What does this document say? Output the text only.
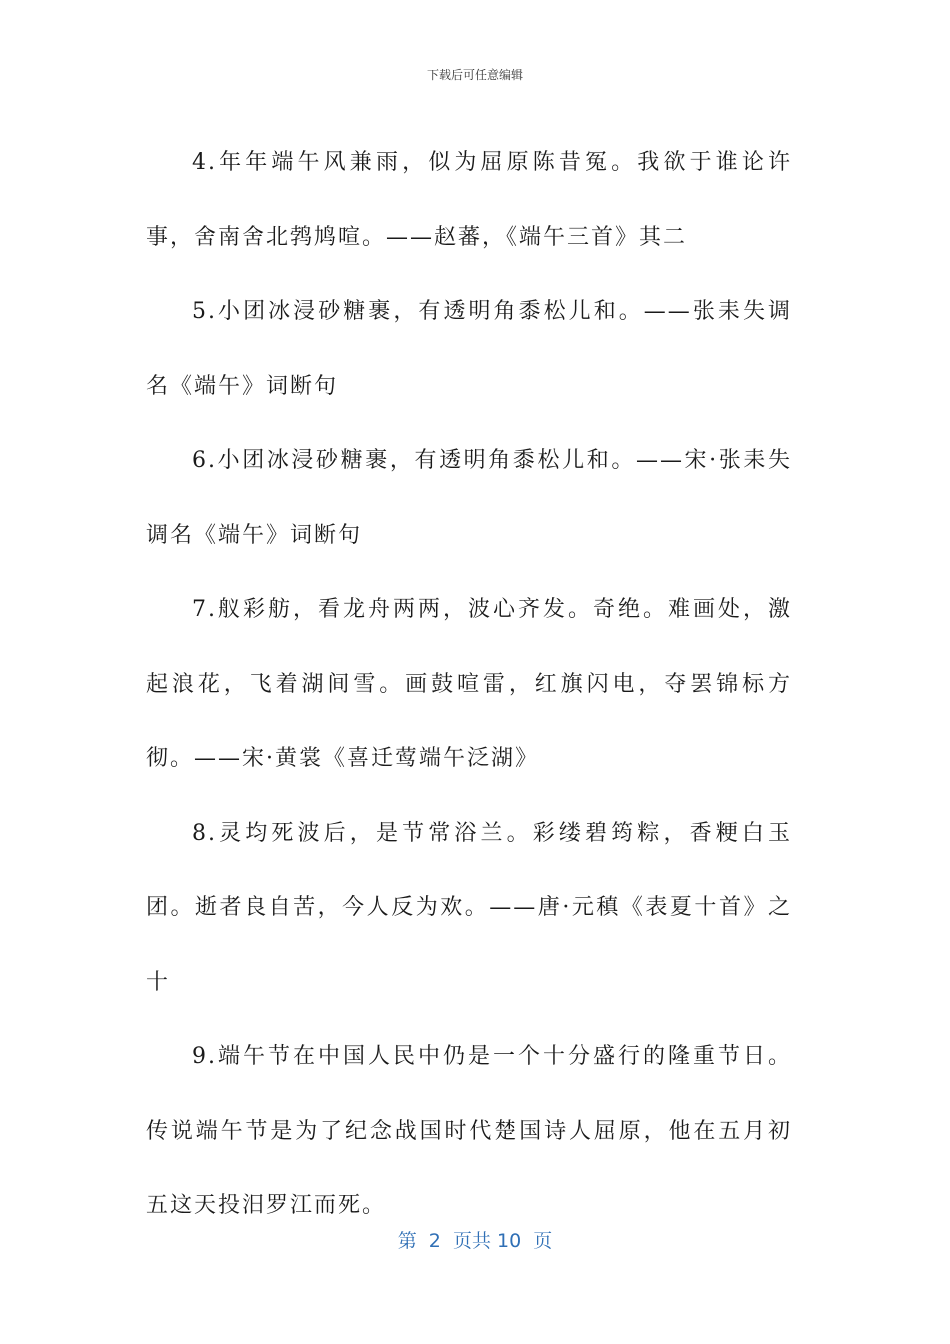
下载后可任意编辑

4.年年端午风兼雨，似为屈原陈昔冤。我欲于谁论许事，舍南舍北鹁鸠喧。——赵蕃，《端午三首》其二

5.小团冰浸砂糖裹，有透明角黍松儿和。——张耒失调名《端午》词断句

6.小团冰浸砂糖裹，有透明角黍松儿和。——宋·张耒失调名《端午》词断句

7.舣彩舫，看龙舟两两，波心齐发。奇绝。难画处，激起浪花，飞着湖间雪。画鼓喧雷，红旗闪电，夺罢锦标方彻。——宋·黄裳《喜迁莺端午泛湖》

8.灵均死波后，是节常浴兰。彩缕碧筠粽，香粳白玉团。逝者良自苦，今人反为欢。——唐·元稹《表夏十首》之十

9.端午节在中国人民中仍是一个十分盛行的隆重节日。传说端午节是为了纪念战国时代楚国诗人屈原，他在五月初五这天投汨罗江而死。

第  2  页共 10  页
